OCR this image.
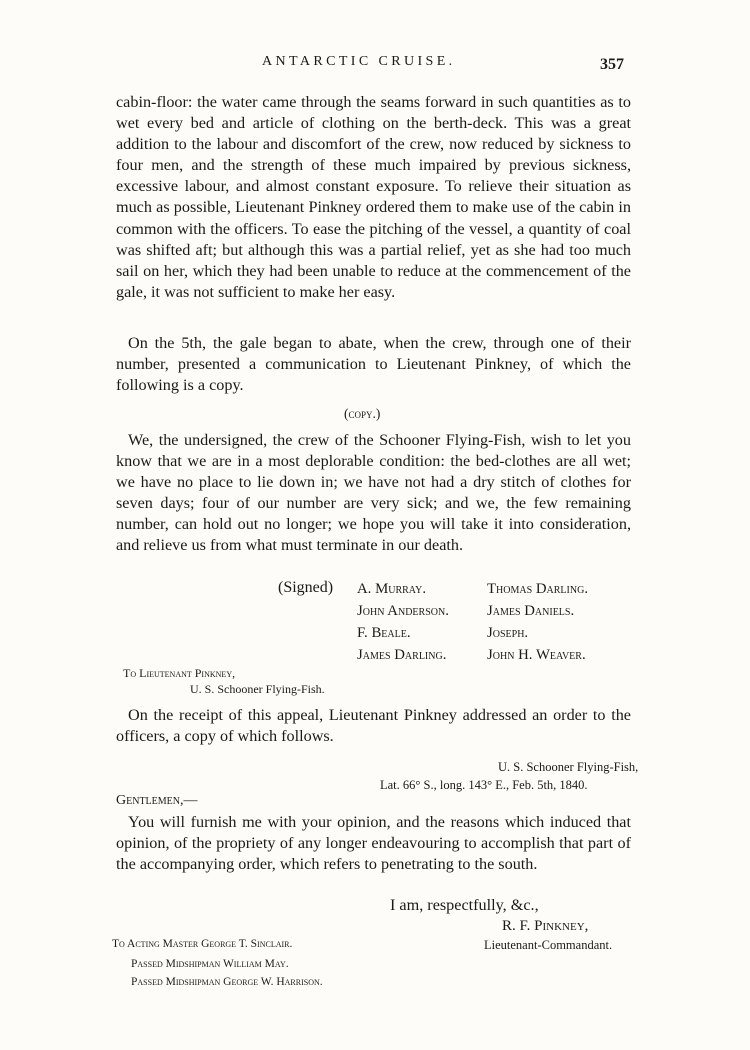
ANTARCTIC CRUISE.	357

cabin-floor: the water came through the seams forward in such quantities as to wet every bed and article of clothing on the berth-deck. This was a great addition to the labour and discomfort of the crew, now reduced by sickness to four men, and the strength of these much impaired by previous sickness, excessive labour, and almost constant exposure. To relieve their situation as much as possible, Lieutenant Pinkney ordered them to make use of the cabin in common with the officers. To ease the pitching of the vessel, a quantity of coal was shifted aft; but although this was a partial relief, yet as she had too much sail on her, which they had been unable to reduce at the commencement of the gale, it was not sufficient to make her easy.

On the 5th, the gale began to abate, when the crew, through one of their number, presented a communication to Lieutenant Pinkney, of which the following is a copy.

(copy.)

We, the undersigned, the crew of the Schooner Flying-Fish, wish to let you know that we are in a most deplorable condition: the bed-clothes are all wet; we have no place to lie down in; we have not had a dry stitch of clothes for seven days; four of our number are very sick; and we, the few remaining number, can hold out no longer; we hope you will take it into consideration, and relieve us from what must terminate in our death.

(Signed) A. Murray.	Thomas Darling.
John Anderson.	James Daniels.
F. Beale.	Joseph.
James Darling.	John H. Weaver.
To Lieutenant Pinkney,
U. S. Schooner Flying-Fish.

On the receipt of this appeal, Lieutenant Pinkney addressed an order to the officers, a copy of which follows.

U. S. Schooner Flying-Fish,
Lat. 66° S., long. 143° E., Feb. 5th, 1840.
Gentlemen,—

You will furnish me with your opinion, and the reasons which induced that opinion, of the propriety of any longer endeavouring to accomplish that part of the accompanying order, which refers to penetrating to the south.

I am, respectfully, &c.,
R. F. Pinkney,
Lieutenant-Commandant.
To Acting Master George T. Sinclair.
Passed Midshipman William May.
Passed Midshipman George W. Harrison.
